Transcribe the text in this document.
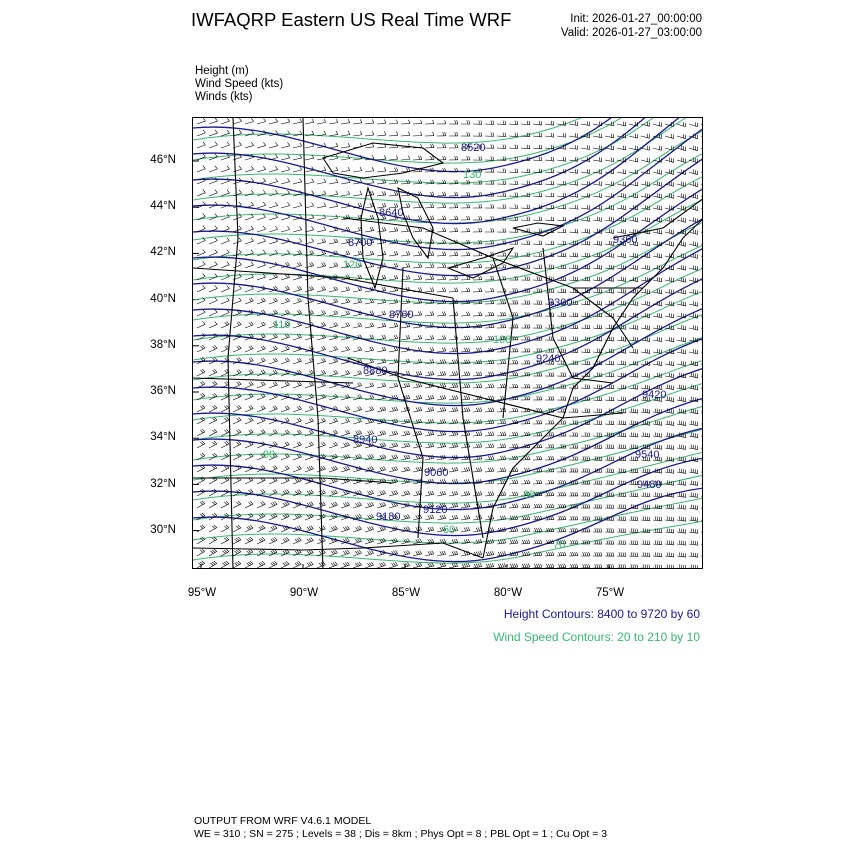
IWFAQRP Eastern US Real Time WRF	Init: 2026-01-27_00:00:00
Valid: 2026-01-27_03:00:00
Height (m)
Wind Speed (kts)
Winds (kts)
8520
8640
8700
8760
8880
8940
9060
9120
9180
9240
9300
9360
9420
9480
9540
130
120
110
100
90
80
70
60
46°N
44°N
42°N
40°N
38°N
36°N
34°N
32°N
30°N
95°W	90°W	85°W	80°W	75°W
Height Contours: 8400 to 9720 by 60
Wind Speed Contours: 20 to 210 by 10
OUTPUT FROM WRF V4.6.1 MODEL
WE = 310 ; SN = 275 ; Levels = 38 ; Dis = 8km ; Phys Opt = 8 ; PBL Opt = 1 ; Cu Opt = 3
